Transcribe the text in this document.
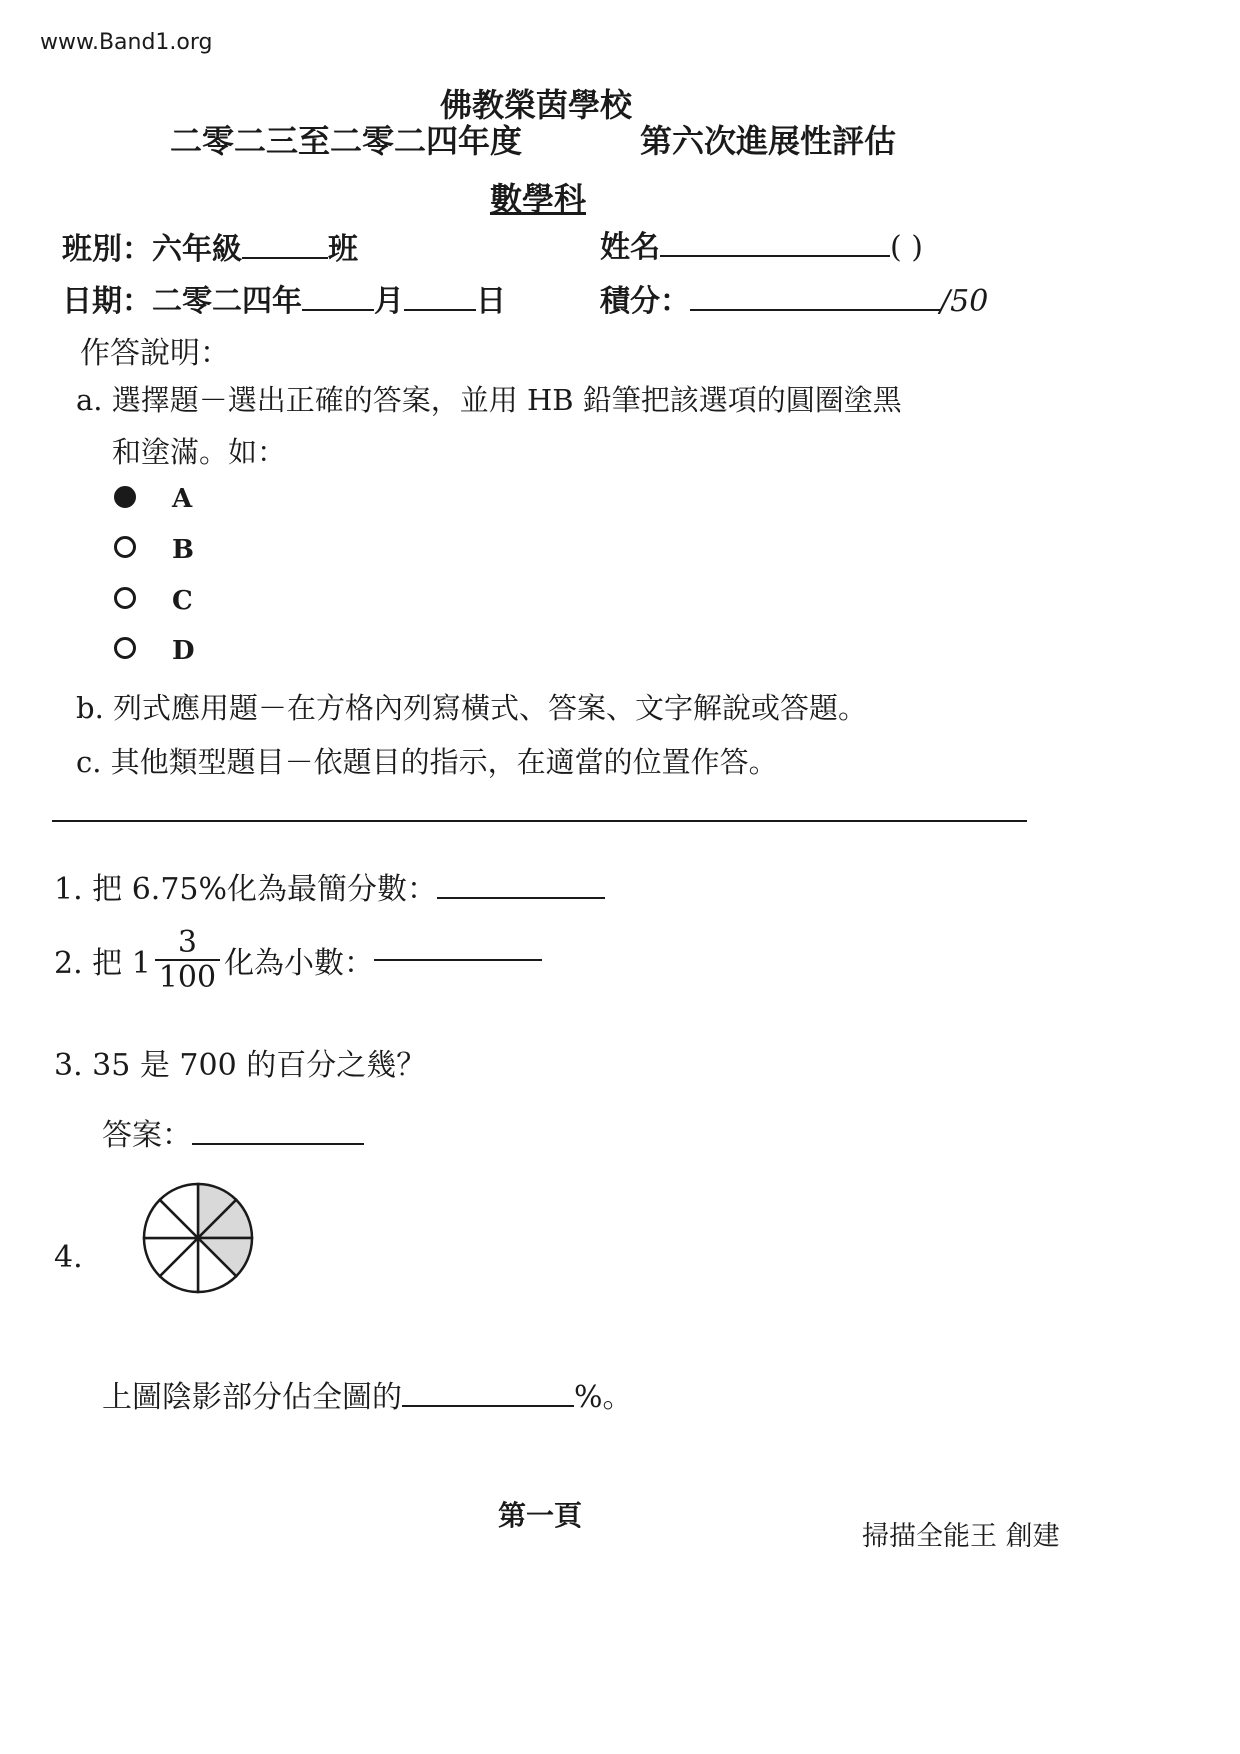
www.Band1.org
佛教榮茵學校
二零二三至二零二四年度	第六次進展性評估
數學科
班別：六年級	班	姓名	( )
日期：二零二四年 月 日	積分：	/50
作答說明：
a. 選擇題－選出正確的答案，並用 HB 鉛筆把該選項的圓圈塗黑
和塗滿。如：
A
B
C
D
b. 列式應用題－在方格內列寫橫式、答案、文字解說或答題。
c. 其他類型題目－依題目的指示，在適當的位置作答。
1. 把 6.75%化為最簡分數：
2. 把 $1 \frac{3}{100}$ 化為小數：
3. 35 是 700 的百分之幾？
答案：
4.
上圖陰影部分佔全圖的	%。
第一頁
掃描全能王 創建
